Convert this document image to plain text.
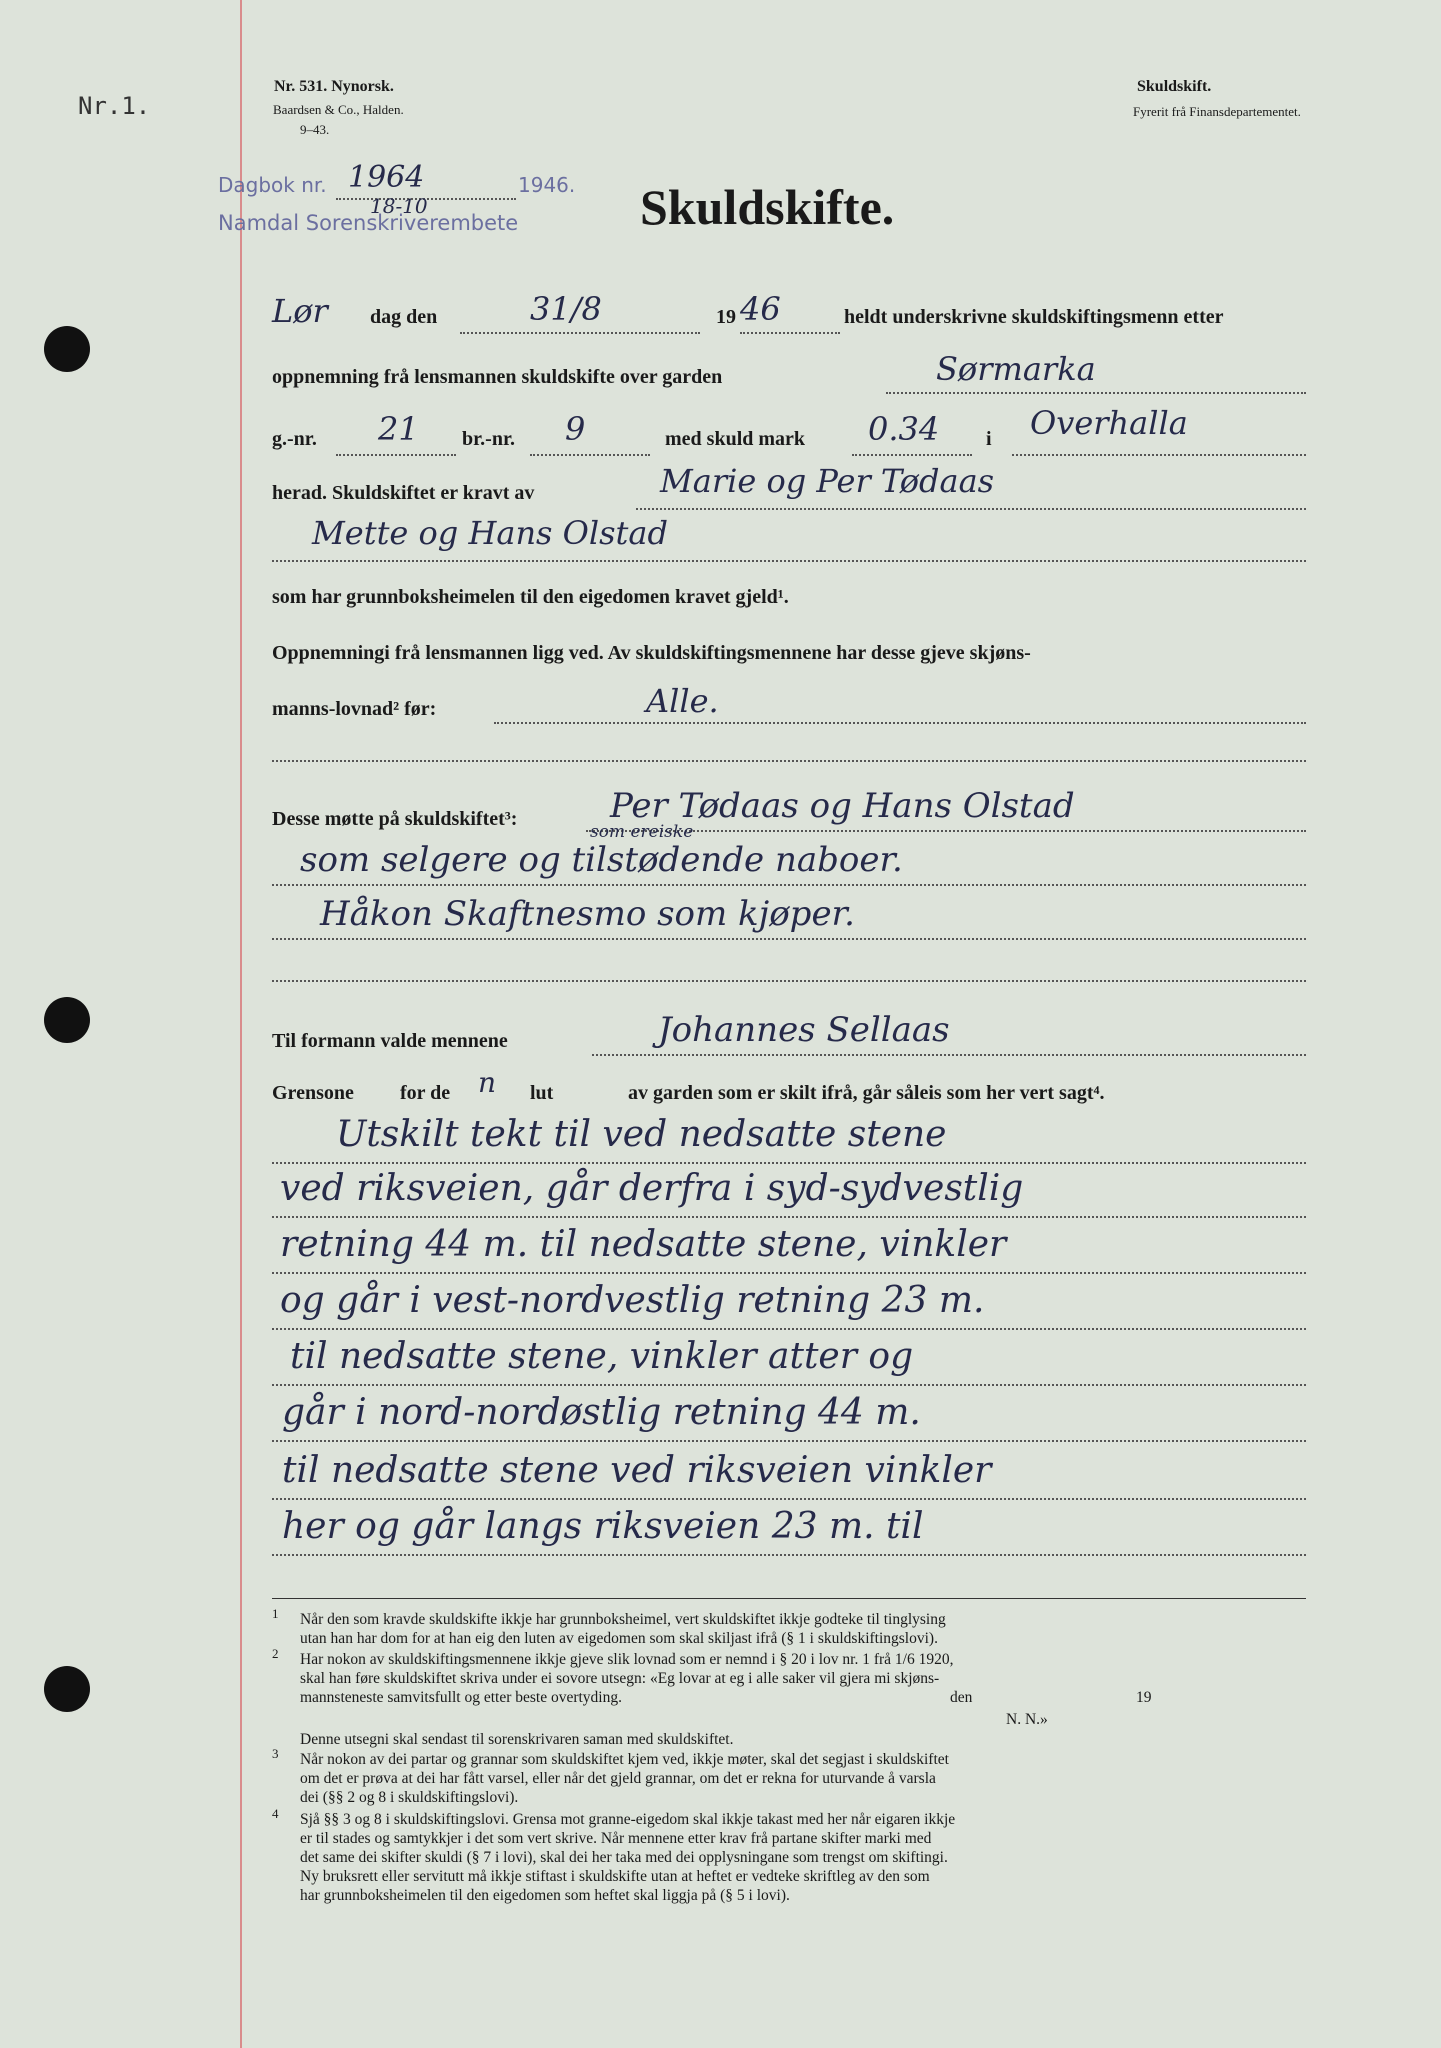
Nr.1.
Nr. 531. Nynorsk.
Baardsen & Co., Halden.
9–43.
Skuldskift.
Fyrerit frå Finansdepartementet.
Dagbok nr. 1964	1946.
18-10
Namdal Sorenskriverembete Skuldskifte.
Lør dag den	31/8	19 46	heldt underskrivne skuldskiftingsmenn etter
oppnemning frå lensmannen skuldskifte over garden	Sørmarka
g.-nr. 21 br.-nr. 9	med skuld mark 0.34 i Overhalla
herad. Skuldskiftet er kravt av	Marie og Per Tødaas
Mette og Hans Olstad
som har grunnboksheimelen til den eigedomen kravet gjeld¹.
Oppnemningi frå lensmannen ligg ved. Av skuldskiftingsmennene har desse gjeve skjøns-
manns-lovnad² før:	Alle.
Desse møtte på skuldskiftet³:	Per Tødaas og Hans Olstad
som ereiske
som selgere og tilstødende naboer.
Håkon Skaftnesmo som kjøper.
Til formann valde mennene	Johannes Sellaas
Grensone for de n lut	av garden som er skilt ifrå, går såleis som her vert sagt⁴.
Utskilt tekt til ved nedsatte stene
ved riksveien, går derfra i syd-sydvestlig
retning 44 m. til nedsatte stene, vinkler
og går i vest-nordvestlig retning 23 m.
til nedsatte stene, vinkler atter og
går i nord-nordøstlig retning 44 m.
til nedsatte stene ved riksveien vinkler
her og går langs riksveien 23 m. til
1 Når den som kravde skuldskifte ikkje har grunnboksheimel, vert skuldskiftet ikkje godteke til tinglysing
utan han har dom for at han eig den luten av eigedomen som skal skiljast ifrå (§ 1 i skuldskiftingslovi).
2 Har nokon av skuldskiftingsmennene ikkje gjeve slik lovnad som er nemnd i § 20 i lov nr. 1 frå 1/6 1920,
skal han føre skuldskiftet skriva under ei sovore utsegn: «Eg lovar at eg i alle saker vil gjera mi skjøns-
mannsteneste samvitsfullt og etter beste overtyding.	den	19
N. N.»
Denne utsegni skal sendast til sorenskrivaren saman med skuldskiftet.
3 Når nokon av dei partar og grannar som skuldskiftet kjem ved, ikkje møter, skal det segjast i skuldskiftet
om det er prøva at dei har fått varsel, eller når det gjeld grannar, om det er rekna for uturvande å varsla
dei (§§ 2 og 8 i skuldskiftingslovi).
4 Sjå §§ 3 og 8 i skuldskiftingslovi. Grensa mot granne-eigedom skal ikkje takast med her når eigaren ikkje
er til stades og samtykkjer i det som vert skrive. Når mennene etter krav frå partane skifter marki med
det same dei skifter skuldi (§ 7 i lovi), skal dei her taka med dei opplysningane som trengst om skiftingi.
Ny bruksrett eller servitutt må ikkje stiftast i skuldskifte utan at heftet er vedteke skriftleg av den som
har grunnboksheimelen til den eigedomen som heftet skal liggja på (§ 5 i lovi).
